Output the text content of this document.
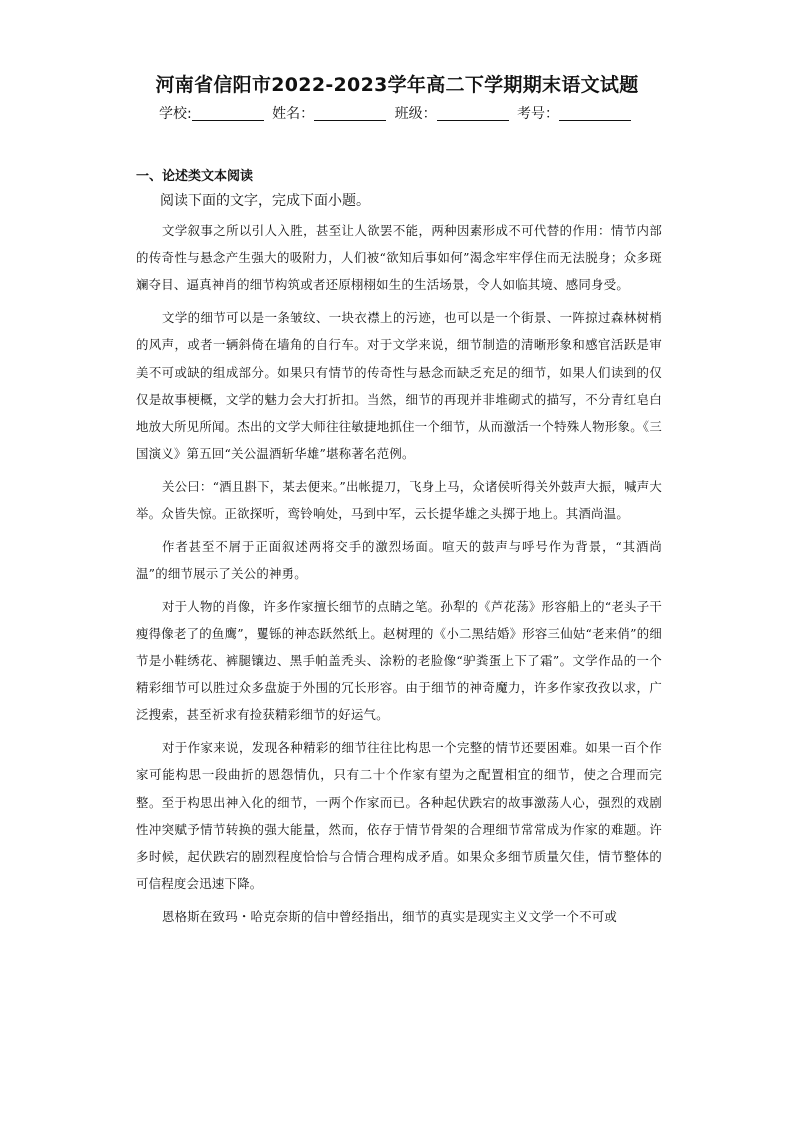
河南省信阳市2022-2023学年高二下学期期末语文试题
学校:	姓名：	班级：	考号：
一、论述类文本阅读
阅读下面的文字，完成下面小题。

文学叙事之所以引人入胜，甚至让人欲罢不能，两种因素形成不可代替的作用：情节内部的传奇性与悬念产生强大的吸附力，人们被“欲知后事如何”渴念牢牢俘住而无法脱身；众多斑斓夺目、逼真神肖的细节构筑或者还原栩栩如生的生活场景，令人如临其境、感同身受。

文学的细节可以是一条皱纹、一块衣襟上的污迹，也可以是一个街景、一阵掠过森林树梢的风声，或者一辆斜倚在墙角的自行车。对于文学来说，细节制造的清晰形象和感官活跃是审美不可或缺的组成部分。如果只有情节的传奇性与悬念而缺乏充足的细节，如果人们读到的仅仅是故事梗概，文学的魅力会大打折扣。当然，细节的再现并非堆砌式的描写，不分青红皂白地放大所见所闻。杰出的文学大师往往敏捷地抓住一个细节，从而激活一个特殊人物形象。《三国演义》第五回“关公温酒斩华雄”堪称著名范例。

关公曰：“酒且斟下，某去便来。”出帐提刀，飞身上马，众诸侯听得关外鼓声大振，喊声大举。众皆失惊。正欲探听，鸾铃响处，马到中军，云长提华雄之头掷于地上。其酒尚温。

作者甚至不屑于正面叙述两将交手的激烈场面。喧天的鼓声与呼号作为背景，“其酒尚温”的细节展示了关公的神勇。

对于人物的肖像，许多作家擅长细节的点睛之笔。孙犁的《芦花荡》形容船上的“老头子干瘦得像老了的鱼鹰”，矍铄的神态跃然纸上。赵树理的《小二黑结婚》形容三仙姑“老来俏”的细节是小鞋绣花、裤腿镶边、黑手帕盖秃头、涂粉的老脸像“驴粪蛋上下了霜”。文学作品的一个精彩细节可以胜过众多盘旋于外围的冗长形容。由于细节的神奇魔力，许多作家孜孜以求，广泛搜索，甚至祈求有捡获精彩细节的好运气。

对于作家来说，发现各种精彩的细节往往比构思一个完整的情节还要困难。如果一百个作家可能构思一段曲折的恩怨情仇，只有二十个作家有望为之配置相宜的细节，使之合理而完整。至于构思出神入化的细节，一两个作家而已。各种起伏跌宕的故事激荡人心，强烈的戏剧性冲突赋予情节转换的强大能量，然而，依存于情节骨架的合理细节常常成为作家的难题。许多时候，起伏跌宕的剧烈程度恰恰与合情合理构成矛盾。如果众多细节质量欠佳，情节整体的可信程度会迅速下降。

恩格斯在致玛・哈克奈斯的信中曾经指出，细节的真实是现实主义文学一个不可或
